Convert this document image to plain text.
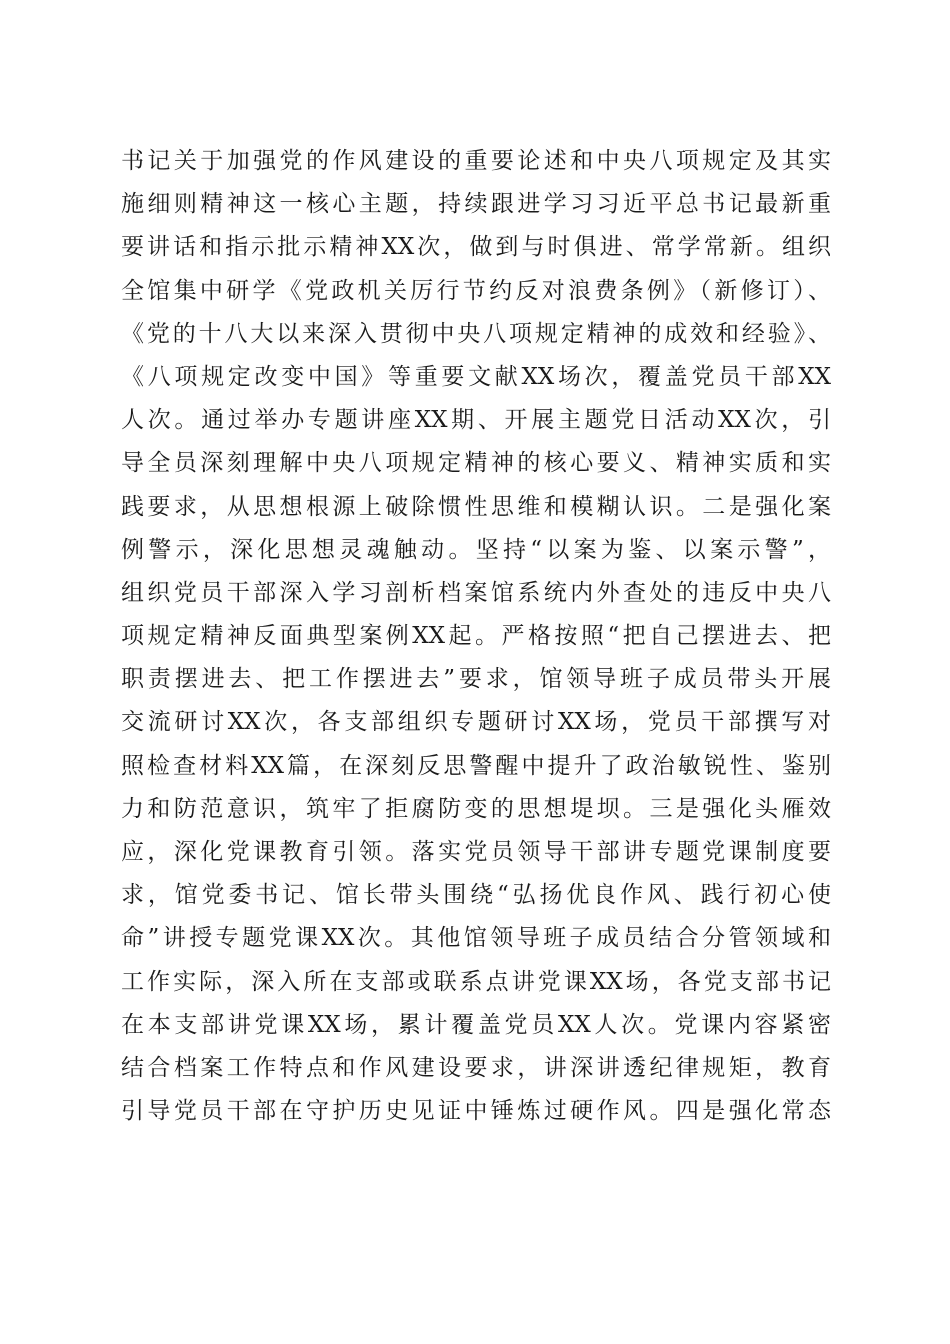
书记关于加强党的作风建设的重要论述和中央八项规定及其实
施细则精神这一核心主题，持续跟进学习习近平总书记最新重
要讲话和指示批示精神XX次，做到与时俱进、常学常新。组织
全馆集中研学《党政机关厉行节约反对浪费条例》（新修订）、
《党的十八大以来深入贯彻中央八项规定精神的成效和经验》、
《八项规定改变中国》等重要文献XX场次，覆盖党员干部XX
人次。通过举办专题讲座XX期、开展主题党日活动XX次，引
导全员深刻理解中央八项规定精神的核心要义、精神实质和实
践要求，从思想根源上破除惯性思维和模糊认识。二是强化案
例警示，深化思想灵魂触动。坚持“以案为鉴、以案示警”，
组织党员干部深入学习剖析档案馆系统内外查处的违反中央八
项规定精神反面典型案例XX起。严格按照“把自己摆进去、把
职责摆进去、把工作摆进去”要求，馆领导班子成员带头开展
交流研讨XX次，各支部组织专题研讨XX场，党员干部撰写对
照检查材料XX篇，在深刻反思警醒中提升了政治敏锐性、鉴别
力和防范意识，筑牢了拒腐防变的思想堤坝。三是强化头雁效
应，深化党课教育引领。落实党员领导干部讲专题党课制度要
求，馆党委书记、馆长带头围绕“弘扬优良作风、践行初心使
命”讲授专题党课XX次。其他馆领导班子成员结合分管领域和
工作实际，深入所在支部或联系点讲党课XX场，各党支部书记
在本支部讲党课XX场，累计覆盖党员XX人次。党课内容紧密
结合档案工作特点和作风建设要求，讲深讲透纪律规矩，教育
引导党员干部在守护历史见证中锤炼过硬作风。四是强化常态
